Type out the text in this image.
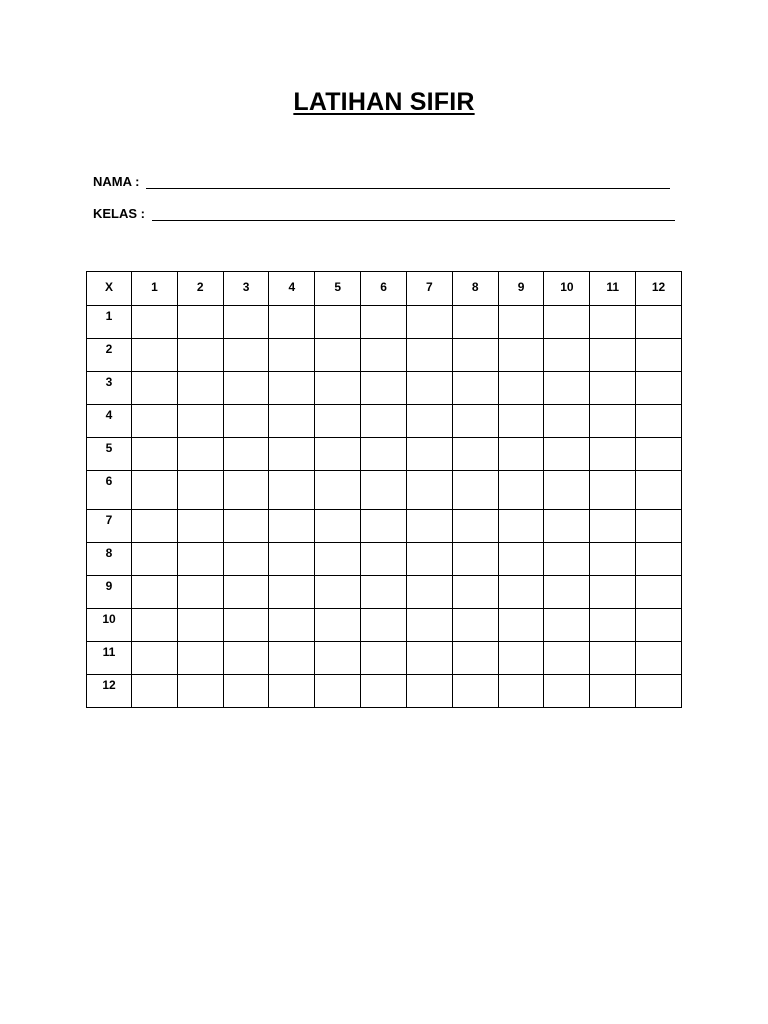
LATIHAN SIFIR
NAMA :
KELAS :
X	1	2	3	4	5	6	7	8	9	10	11	12
1												
2												
3												
4												
5												
6												
7												
8												
9												
10												
11												
12												
